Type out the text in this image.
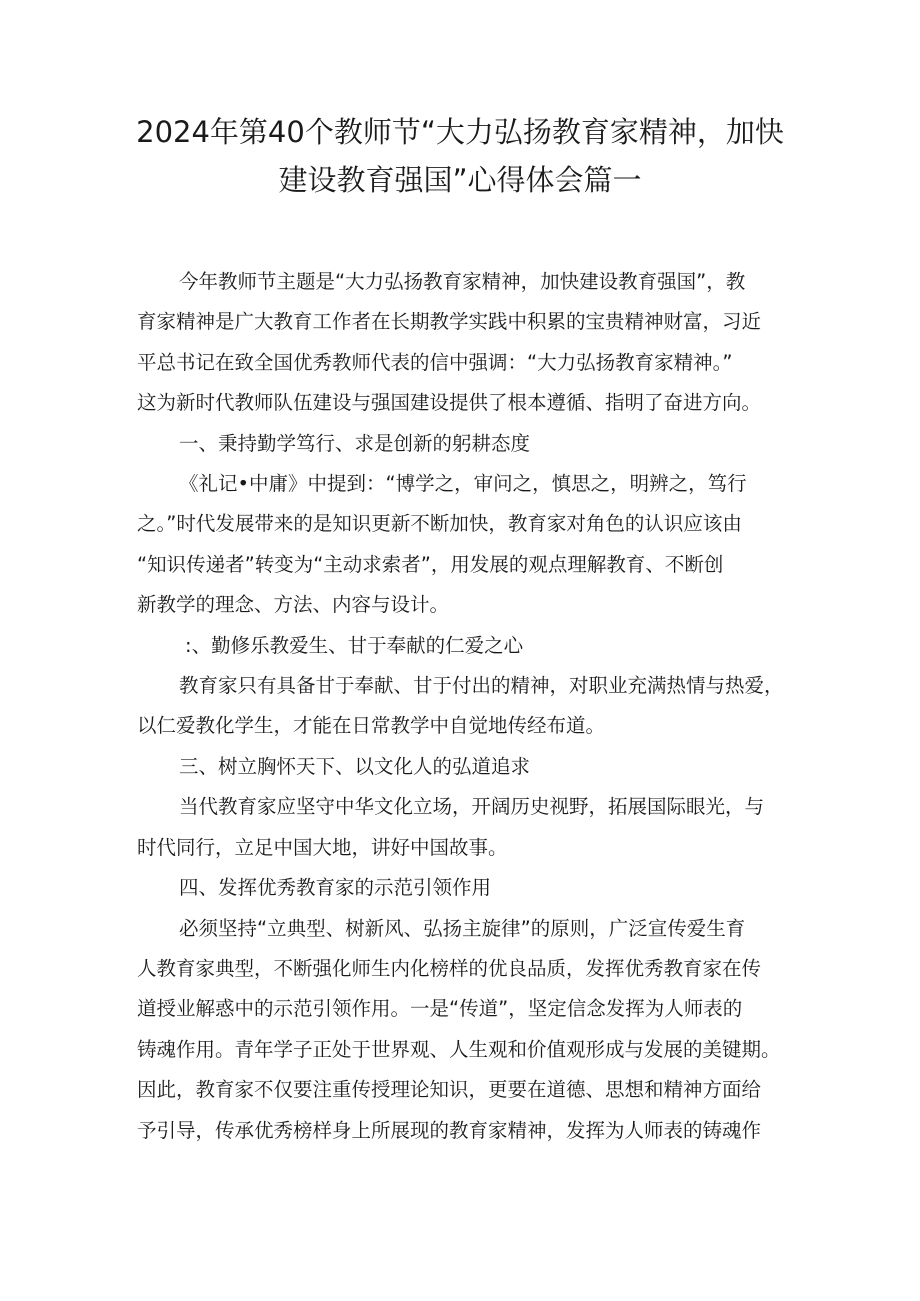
2024年第40个教师节“大力弘扬教育家精神，加快
建设教育强国”心得体会篇一

今年教师节主题是“大力弘扬教育家精神，加快建设教育强国”，教
育家精神是广大教育工作者在长期教学实践中积累的宝贵精神财富，习近
平总书记在致全国优秀教师代表的信中强调：“大力弘扬教育家精神。”
这为新时代教师队伍建设与强国建设提供了根本遵循、指明了奋进方向。

一、秉持勤学笃行、求是创新的躬耕态度

《礼记•中庸》中提到：“博学之，审问之，慎思之，明辨之，笃行
之。”时代发展带来的是知识更新不断加快，教育家对角色的认识应该由
“知识传递者”转变为“主动求索者”，用发展的观点理解教育、不断创
新教学的理念、方法、内容与设计。

:、勤修乐教爱生、甘于奉献的仁爱之心

教育家只有具备甘于奉献、甘于付出的精神，对职业充满热情与热爱，
以仁爱教化学生，才能在日常教学中自觉地传经布道。

三、树立胸怀天下、以文化人的弘道追求

当代教育家应坚守中华文化立场，开阔历史视野，拓展国际眼光，与
时代同行，立足中国大地，讲好中国故事。

四、发挥优秀教育家的示范引领作用

必须坚持“立典型、树新风、弘扬主旋律”的原则，广泛宣传爱生育
人教育家典型，不断强化师生内化榜样的优良品质，发挥优秀教育家在传
道授业解惑中的示范引领作用。一是“传道”，坚定信念发挥为人师表的
铸魂作用。青年学子正处于世界观、人生观和价值观形成与发展的美键期。
因此，教育家不仅要注重传授理论知识，更要在道德、思想和精神方面给
予引导，传承优秀榜样身上所展现的教育家精神，发挥为人师表的铸魂作
